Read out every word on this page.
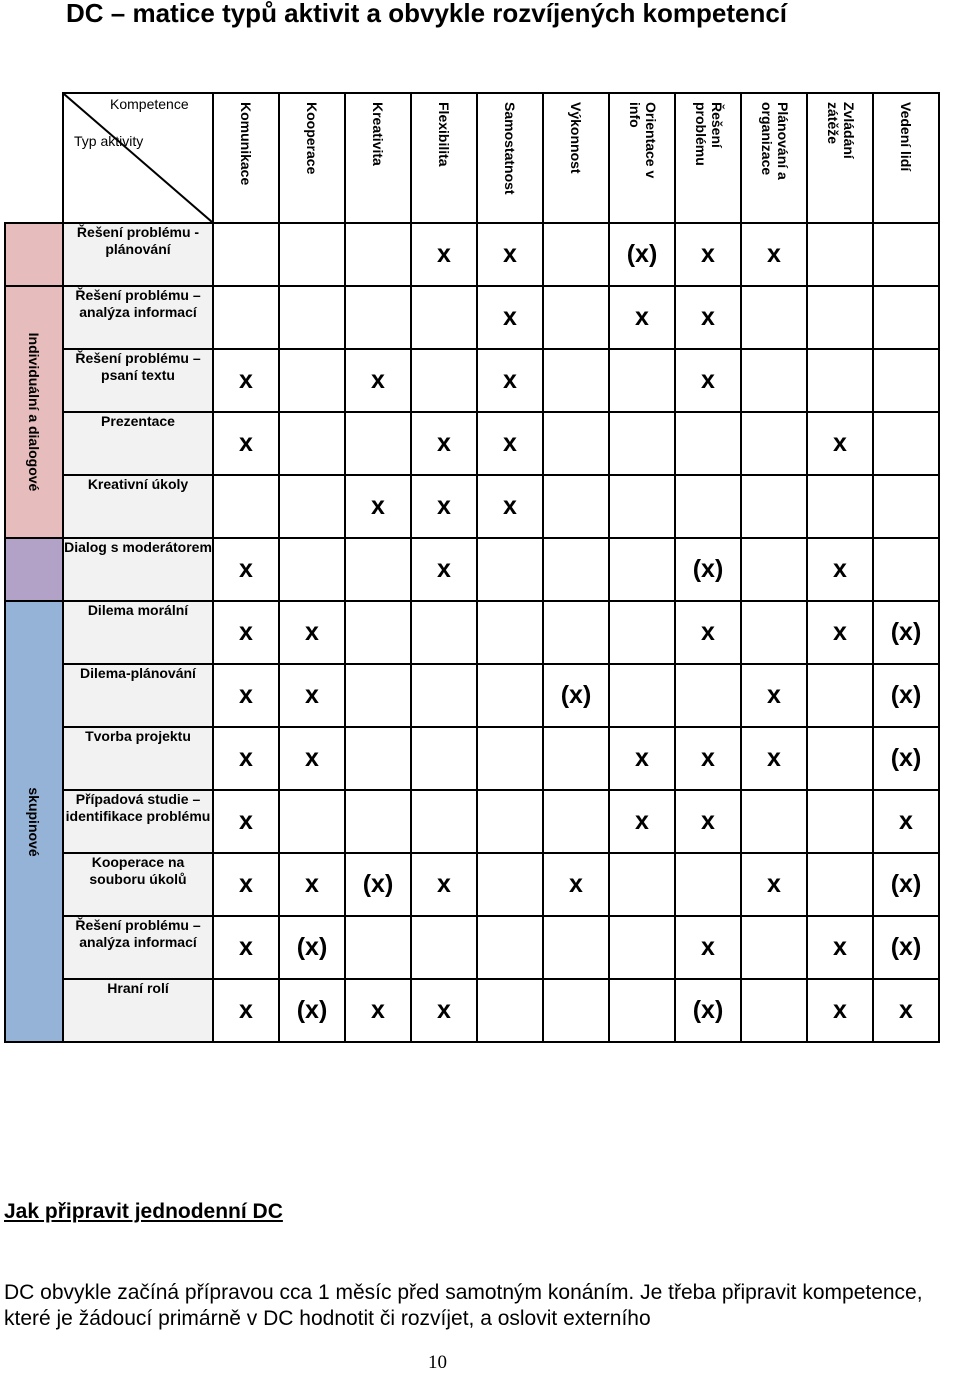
DC – matice typů aktivit a obvykle rozvíjených kompetencí

	Kompetence
Typ aktivity	Komunikace	Kooperace	Kreativita	Flexibilita	Samostatnost	Výkonnost	Orientace v info	Řešení problému	Plánování a organizace	Zvládání zátěže	Vedení lidí

	Řešení problému - plánování				x	x		(x)	x	x		

Individuální a dialogové	Řešení problému – analýza informací					x		x	x			
	Řešení problému – psaní textu	x		x		x			x			
	Prezentace	x			x	x					x	
	Kreativní úkoly			x	x	x						

	Dialog s moderátorem	x			x				(x)		x	

skupinové	Dilema morální	x	x						x		x	(x)
	Dilema-plánování	x	x				(x)			x		(x)
	Tvorba projektu	x	x					x	x	x		(x)
	Případová studie – identifikace problému	x						x	x			x
	Kooperace na souboru úkolů	x	x	(x)	x		x			x		(x)
	Řešení problému – analýza informací	x	(x)						x		x	(x)
	Hraní rolí	x	(x)	x	x				(x)		x	x
Jak připravit jednodenní DC
DC obvykle začíná přípravou cca 1 měsíc před samotným konáním. Je třeba připravit kompetence, které je žádoucí primárně v DC hodnotit či rozvíjet, a oslovit externího
10
